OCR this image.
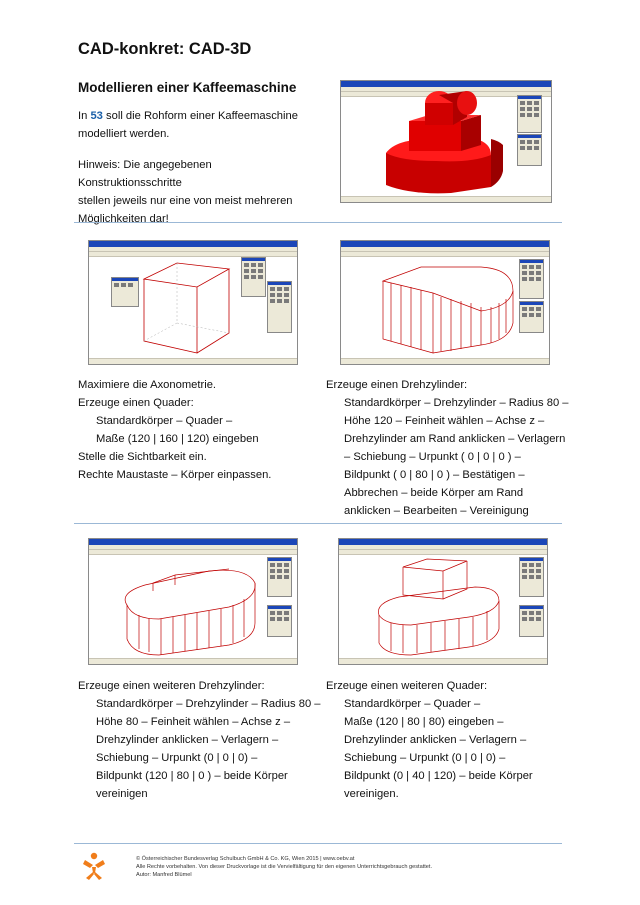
CAD-konkret: CAD-3D
Modellieren einer Kaffeemaschine
In 53 soll die Rohform einer Kaffeemaschine
modelliert werden.
Hinweis: Die angegebenen Konstruktionsschritte
stellen jeweils nur eine von meist mehreren
Möglichkeiten dar!
Maximiere die Axonometrie.
Erzeuge einen Quader:
Standardkörper – Quader –
Maße (120 | 160 | 120) eingeben
Stelle die Sichtbarkeit ein.
Rechte Maustaste – Körper einpassen.
Erzeuge einen Drehzylinder:
Standardkörper – Drehzylinder – Radius 80 –
Höhe 120 – Feinheit wählen – Achse z –
Drehzylinder am Rand anklicken – Verlagern
– Schiebung – Urpunkt ( 0 | 0 | 0 ) –
Bildpunkt ( 0 | 80 | 0 ) – Bestätigen –
Abbrechen – beide Körper am Rand
anklicken – Bearbeiten – Vereinigung
Erzeuge einen weiteren Drehzylinder:
Standardkörper – Drehzylinder – Radius 80 –
Höhe 80 – Feinheit wählen – Achse z –
Drehzylinder anklicken – Verlagern –
Schiebung – Urpunkt (0 | 0 | 0) –
Bildpunkt (120 | 80 | 0 ) – beide Körper
vereinigen
Erzeuge einen weiteren Quader:
Standardkörper – Quader –
Maße (120 | 80 | 80) eingeben –
Drehzylinder anklicken – Verlagern –
Schiebung – Urpunkt (0 | 0 | 0) –
Bildpunkt (0 | 40 | 120) – beide Körper
vereinigen.
© Österreichischer Bundesverlag Schulbuch GmbH & Co. KG, Wien 2015 | www.oebv.at
Alle Rechte vorbehalten. Von dieser Druckvorlage ist die Vervielfältigung für den eigenen Unterrichtsgebrauch gestattet.
Autor: Manfred Blümel
